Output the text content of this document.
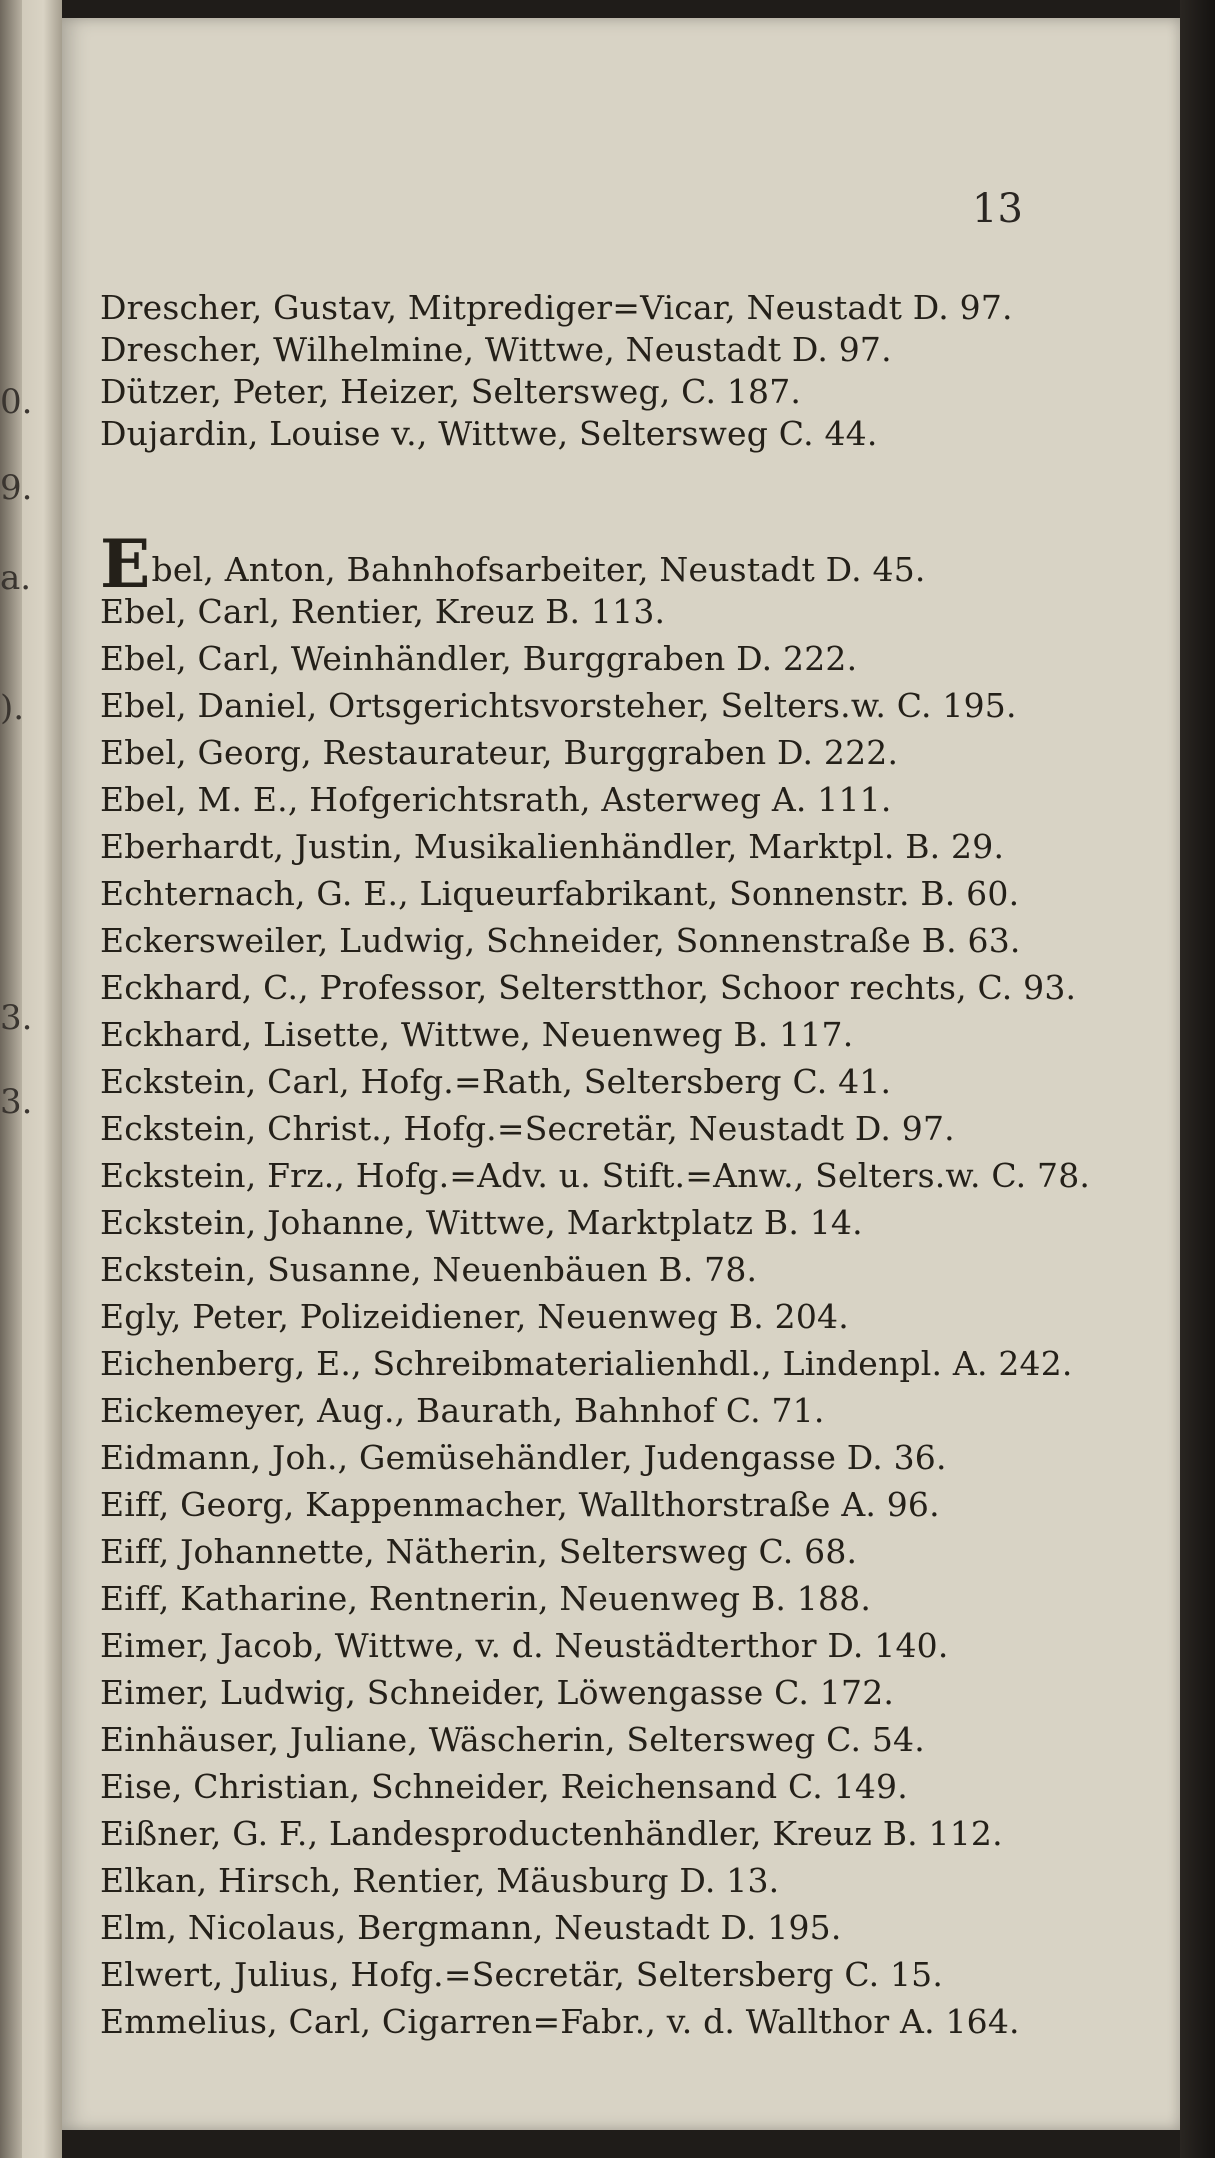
0.
9.
a.
).
3.
3.
13
Drescher, Gustav, Mitprediger=Vicar, Neustadt D. 97.
Drescher, Wilhelmine, Wittwe, Neustadt D. 97.
Dützer, Peter, Heizer, Seltersweg, C. 187.
Dujardin, Louise v., Wittwe, Seltersweg C. 44.
Ebel, Anton, Bahnhofsarbeiter, Neustadt D. 45.
Ebel, Carl, Rentier, Kreuz B. 113.
Ebel, Carl, Weinhändler, Burggraben D. 222.
Ebel, Daniel, Ortsgerichtsvorsteher, Selters.w. C. 195.
Ebel, Georg, Restaurateur, Burggraben D. 222.
Ebel, M. E., Hofgerichtsrath, Asterweg A. 111.
Eberhardt, Justin, Musikalienhändler, Marktpl. B. 29.
Echternach, G. E., Liqueurfabrikant, Sonnenstr. B. 60.
Eckersweiler, Ludwig, Schneider, Sonnenstraße B. 63.
Eckhard, C., Professor, Selterstthor, Schoor rechts, C. 93.
Eckhard, Lisette, Wittwe, Neuenweg B. 117.
Eckstein, Carl, Hofg.=Rath, Seltersberg C. 41.
Eckstein, Christ., Hofg.=Secretär, Neustadt D. 97.
Eckstein, Frz., Hofg.=Adv. u. Stift.=Anw., Selters.w. C. 78.
Eckstein, Johanne, Wittwe, Marktplatz B. 14.
Eckstein, Susanne, Neuenbäuen B. 78.
Egly, Peter, Polizeidiener, Neuenweg B. 204.
Eichenberg, E., Schreibmaterialienhdl., Lindenpl. A. 242.
Eickemeyer, Aug., Baurath, Bahnhof C. 71.
Eidmann, Joh., Gemüsehändler, Judengasse D. 36.
Eiff, Georg, Kappenmacher, Wallthorstraße A. 96.
Eiff, Johannette, Nätherin, Seltersweg C. 68.
Eiff, Katharine, Rentnerin, Neuenweg B. 188.
Eimer, Jacob, Wittwe, v. d. Neustädterthor D. 140.
Eimer, Ludwig, Schneider, Löwengasse C. 172.
Einhäuser, Juliane, Wäscherin, Seltersweg C. 54.
Eise, Christian, Schneider, Reichensand C. 149.
Eißner, G. F., Landesproductenhändler, Kreuz B. 112.
Elkan, Hirsch, Rentier, Mäusburg D. 13.
Elm, Nicolaus, Bergmann, Neustadt D. 195.
Elwert, Julius, Hofg.=Secretär, Seltersberg C. 15.
Emmelius, Carl, Cigarren=Fabr., v. d. Wallthor A. 164.
